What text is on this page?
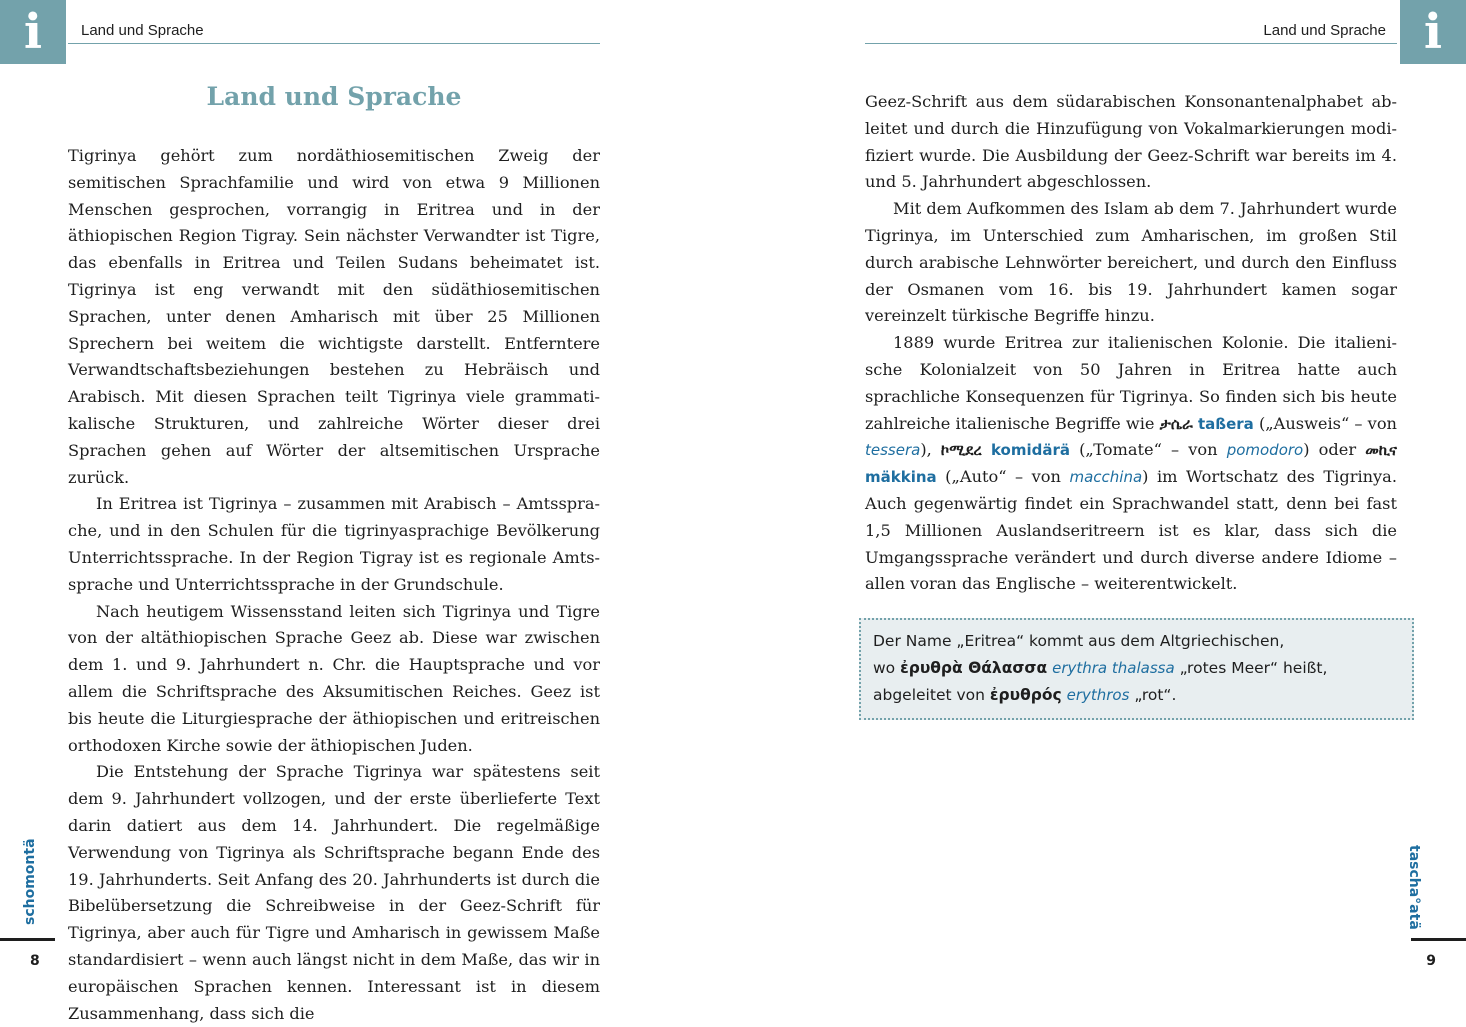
i	Land und Sprache
Land und Sprache

Tigrinya gehört zum nordäthiosemitischen Zweig der semitischen Sprachfamilie und wird von etwa 9 Millionen Menschen gesprochen, vorrangig in Eritrea und in der äthiopischen Region Tigray. Sein nächster Verwandter ist Tigre, das ebenfalls in Eritrea und Teilen Sudans beheimatet ist. Tigrinya ist eng verwandt mit den südäthiosemitischen Sprachen, unter denen Amharisch mit über 25 Millionen Sprechern bei weitem die wichtigste darstellt. Entferntere Verwandtschaftsbeziehungen bestehen zu Hebräisch und Arabisch. Mit diesen Sprachen teilt Tigrinya viele grammatikalische Strukturen, und zahlreiche Wörter dieser drei Sprachen gehen auf Wörter der altsemitischen Ursprache zurück.

In Eritrea ist Tigrinya – zusammen mit Arabisch – Amtssprache, und in den Schulen für die tigrinyasprachige Bevölkerung Unterrichtssprache. In der Region Tigray ist es regionale Amtssprache und Unterrichtssprache in der Grundschule.

Nach heutigem Wissensstand leiten sich Tigrinya und Tigre von der altäthiopischen Sprache Geez ab. Diese war zwischen dem 1. und 9. Jahrhundert n. Chr. die Hauptsprache und vor allem die Schriftsprache des Aksumitischen Reiches. Geez ist bis heute die Liturgiesprache der äthiopischen und eritreischen orthodoxen Kirche sowie der äthiopischen Juden.

Die Entstehung der Sprache Tigrinya war spätestens seit dem 9. Jahrhundert vollzogen, und der erste überlieferte Text darin datiert aus dem 14. Jahrhundert. Die regelmäßige Verwendung von Tigrinya als Schriftsprache begann Ende des 19. Jahrhunderts. Seit Anfang des 20. Jahrhunderts ist durch die Bibelübersetzung die Schreibweise in der Geez-Schrift für Tigrinya, aber auch für Tigre und Amharisch in gewissem Maße standardisiert – wenn auch längst nicht in dem Maße, das wir in europäischen Sprachen kennen. Interessant ist in diesem Zusammenhang, dass sich die

schomontä
8
Land und Sprache i

Geez-Schrift aus dem südarabischen Konsonantenalphabet ableitet und durch die Hinzufügung von Vokalmarkierungen modifiziert wurde. Die Ausbildung der Geez-Schrift war bereits im 4. und 5. Jahrhundert abgeschlossen.

Mit dem Aufkommen des Islam ab dem 7. Jahrhundert wurde Tigrinya, im Unterschied zum Amharischen, im großen Stil durch arabische Lehnwörter bereichert, und durch den Einfluss der Osmanen vom 16. bis 19. Jahrhundert kamen sogar vereinzelt türkische Begriffe hinzu.

1889 wurde Eritrea zur italienischen Kolonie. Die italienische Kolonialzeit von 50 Jahren in Eritrea hatte auch sprachliche Konsequenzen für Tigrinya. So finden sich bis heute zahlreiche italienische Begriffe wie ታሴራ taßera („Ausweis“ – von tessera), ኮሚደረ komidärä („Tomate“ – von pomodoro) oder መኪና mäkkina („Auto“ – von macchina) im Wortschatz des Tigrinya. Auch gegenwärtig findet ein Sprachwandel statt, denn bei fast 1,5 Millionen Auslandseritreern ist es klar, dass sich die Umgangssprache verändert und durch diverse andere Idiome – allen voran das Englische – weiterentwickelt.

Der Name „Eritrea“ kommt aus dem Altgriechischen,
wo ἐρυθρὰ Θάλασσα erythra thalassa „rotes Meer“ heißt,
abgeleitet von ἐρυθρός erythros „rot“.
tascha°atä
9
